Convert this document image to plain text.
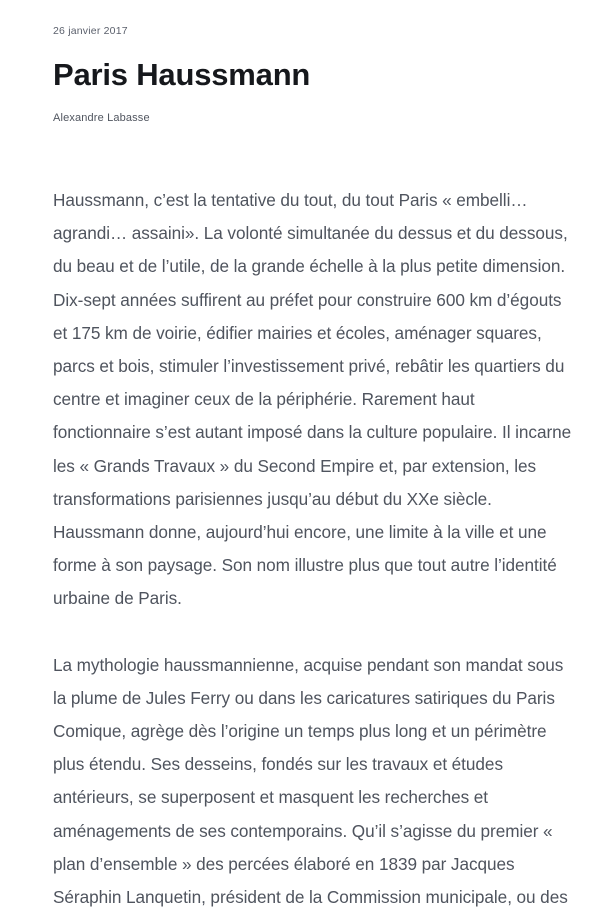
26 janvier 2017
Paris Haussmann
Alexandre Labasse

Haussmann, c’est la tentative du tout, du tout Paris « embelli… agrandi… assaini». La volonté simultanée du dessus et du dessous, du beau et de l’utile, de la grande échelle à la plus petite dimension. Dix-sept années suffirent au préfet pour construire 600 km d’égouts et 175 km de voirie, édifier mairies et écoles, aménager squares, parcs et bois, stimuler l’investissement privé, rebâtir les quartiers du centre et imaginer ceux de la périphérie. Rarement haut fonctionnaire s’est autant imposé dans la culture populaire. Il incarne les « Grands Travaux » du Second Empire et, par extension, les transformations parisiennes jusqu’au début du XXe siècle. Haussmann donne, aujourd’hui encore, une limite à la ville et une forme à son paysage. Son nom illustre plus que tout autre l’identité urbaine de Paris.

La mythologie haussmannienne, acquise pendant son mandat sous la plume de Jules Ferry ou dans les caricatures satiriques du Paris Comique, agrège dès l’origine un temps plus long et un périmètre plus étendu. Ses desseins, fondés sur les travaux et études antérieurs, se superposent et masquent les recherches et aménagements de ses contemporains. Qu’il s’agisse du premier « plan d’ensemble » des percées élaboré en 1839 par Jacques Séraphin Lanquetin, président de la Commission municipale, ou des
